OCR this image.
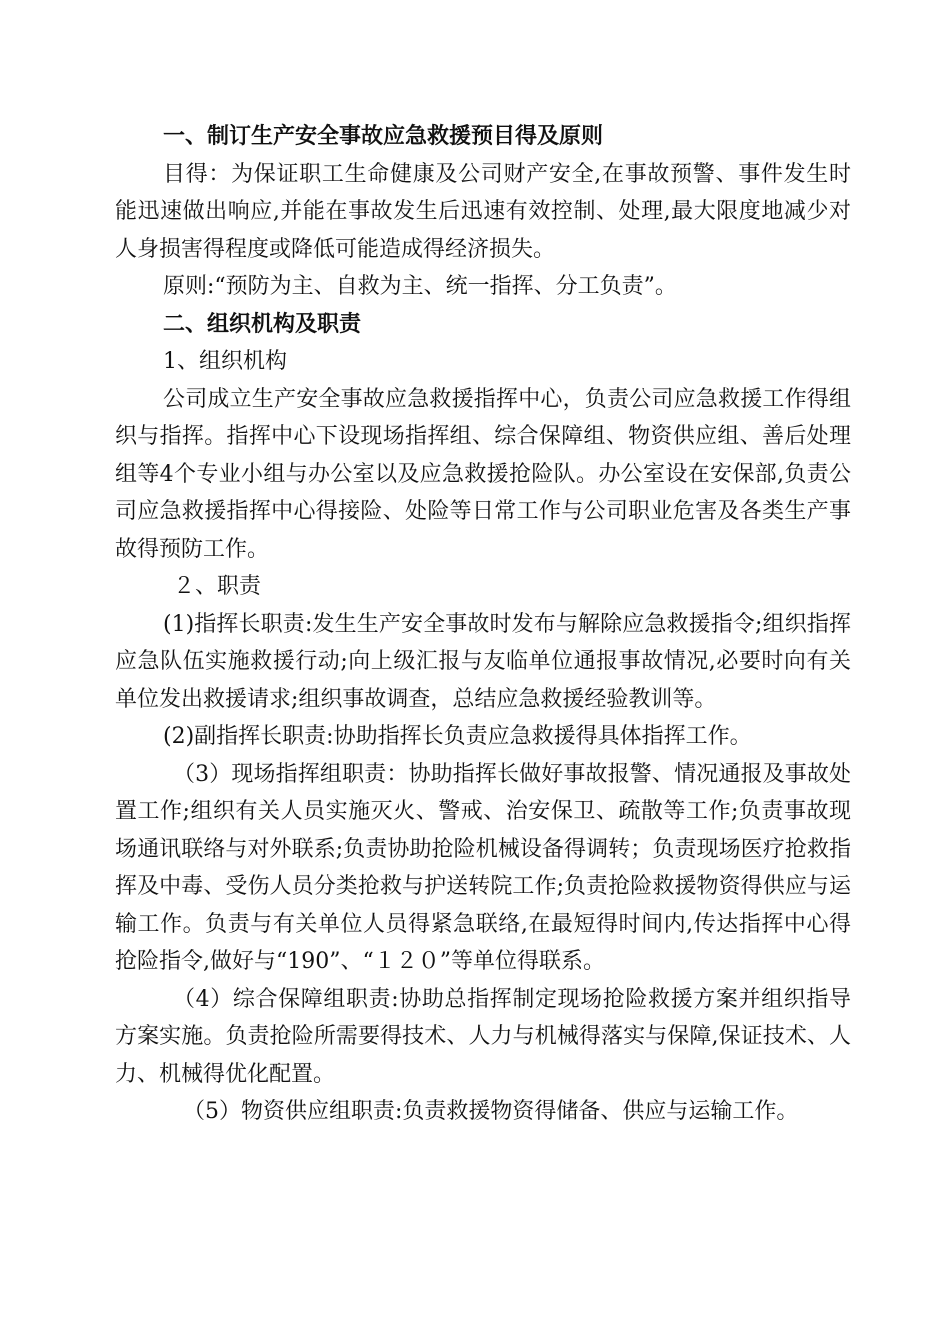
一、制订生产安全事故应急救援预目得及原则

目得：为保证职工生命健康及公司财产安全,在事故预警、事件发生时能迅速做出响应,并能在事故发生后迅速有效控制、处理,最大限度地减少对人身损害得程度或降低可能造成得经济损失。

原则:“预防为主、自救为主、统一指挥、分工负责”。

二、组织机构及职责

1、组织机构

公司成立生产安全事故应急救援指挥中心，负责公司应急救援工作得组织与指挥。指挥中心下设现场指挥组、综合保障组、物资供应组、善后处理组等4个专业小组与办公室以及应急救援抢险队。办公室设在安保部,负责公司应急救援指挥中心得接险、处险等日常工作与公司职业危害及各类生产事故得预防工作。

２、职责

(1)指挥长职责:发生生产安全事故时发布与解除应急救援指令;组织指挥应急队伍实施救援行动;向上级汇报与友临单位通报事故情况,必要时向有关单位发出救援请求;组织事故调查，总结应急救援经验教训等。

(2)副指挥长职责:协助指挥长负责应急救援得具体指挥工作。

（3）现场指挥组职责：协助指挥长做好事故报警、情况通报及事故处置工作;组织有关人员实施灭火、警戒、治安保卫、疏散等工作;负责事故现场通讯联络与对外联系;负责协助抢险机械设备得调转；负责现场医疗抢救指挥及中毒、受伤人员分类抢救与护送转院工作;负责抢险救援物资得供应与运输工作。负责与有关单位人员得紧急联络,在最短得时间内,传达指挥中心得抢险指令,做好与“190”、“１２０”等单位得联系。

（4）综合保障组职责:协助总指挥制定现场抢险救援方案并组织指导方案实施。负责抢险所需要得技术、人力与机械得落实与保障,保证技术、人力、机械得优化配置。

（5）物资供应组职责:负责救援物资得储备、供应与运输工作。
